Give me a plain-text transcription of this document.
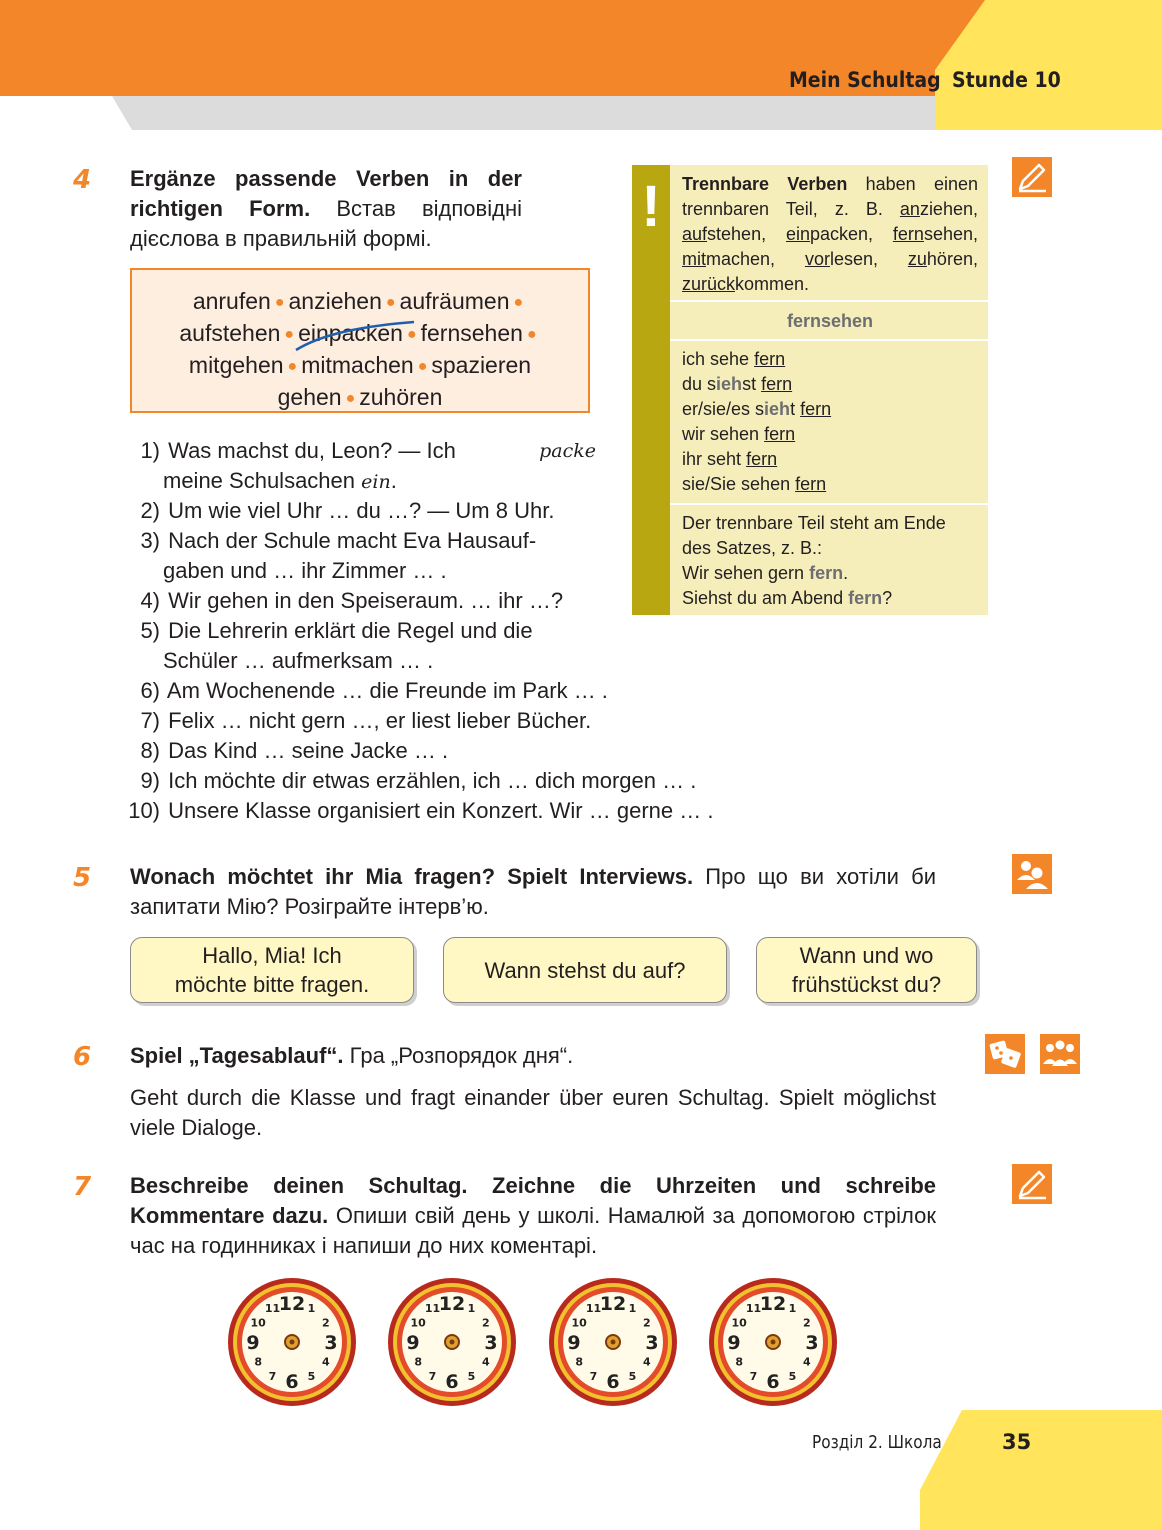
Mein Schultag Stunde 10
4 Ergänze passende Verben in der richtigen Form. Встав відповідні дієслова в правильній формі.
anrufen ● anziehen ● aufräumen ●
aufstehen ● einpacken ● fernsehen ●
mitgehen ● mitmachen ● spazieren
gehen ● zuhören
1) Was machst du, Leon? — Ich	packe
meine Schulsachen ein.
2) Um wie viel Uhr … du …? — Um 8 Uhr.
3) Nach der Schule macht Eva Hausauf-
gaben und … ihr Zimmer … .
4) Wir gehen in den Speiseraum. … ihr …?
5) Die Lehrerin erklärt die Regel und die
Schüler … aufmerksam … .
6) Am Wochenende … die Freunde im Park … .
7) Felix … nicht gern …, er liest lieber Bücher.
8) Das Kind … seine Jacke … .
9) Ich möchte dir etwas erzählen, ich … dich morgen … .
10) Unsere Klasse organisiert ein Konzert. Wir … gerne … .
!	Trennbare Verben haben einen trennbaren Teil, z. B. anziehen, aufstehen, einpacken, fernsehen, mitmachen, vorlesen, zuhören, zurückkommen.
fernsehen
ich sehe fern
du siehst fern
er/sie/es sieht fern
wir sehen fern
ihr seht fern
sie/Sie sehen fern
Der trennbare Teil steht am Ende des Satzes, z. B.:
Wir sehen gern fern.
Siehst du am Abend fern?
5 Wonach möchtet ihr Mia fragen? Spielt Interviews. Про що ви хотіли би запитати Мію? Розіграйте інтерв’ю.
Hallo, Mia! Ich
möchte bitte fragen.
Wann stehst du auf?
Wann und wo
frühstückst du?
6 Spiel „Tagesablauf“. Гра „Розпорядок дня“.
Geht durch die Klasse und fragt einander über euren Schultag. Spielt möglichst viele Dialoge.
7 Beschreibe deinen Schultag. Zeichne die Uhrzeiten und schreibe Kommentare dazu. Опиши свій день у школі. Намалюй за допомогою стрілок час на годинниках і напиши до них коментарі.
12 1
2
3
4
5
6
7
8
9
10
11	12 1
2
3
4
5
6
7
8
9
10
11	12 1
2
3
4
5
6
7
8
9
10
11	12 1
2
3
4
5
6
7
8
9
10
11
Розділ 2. Школа	35
